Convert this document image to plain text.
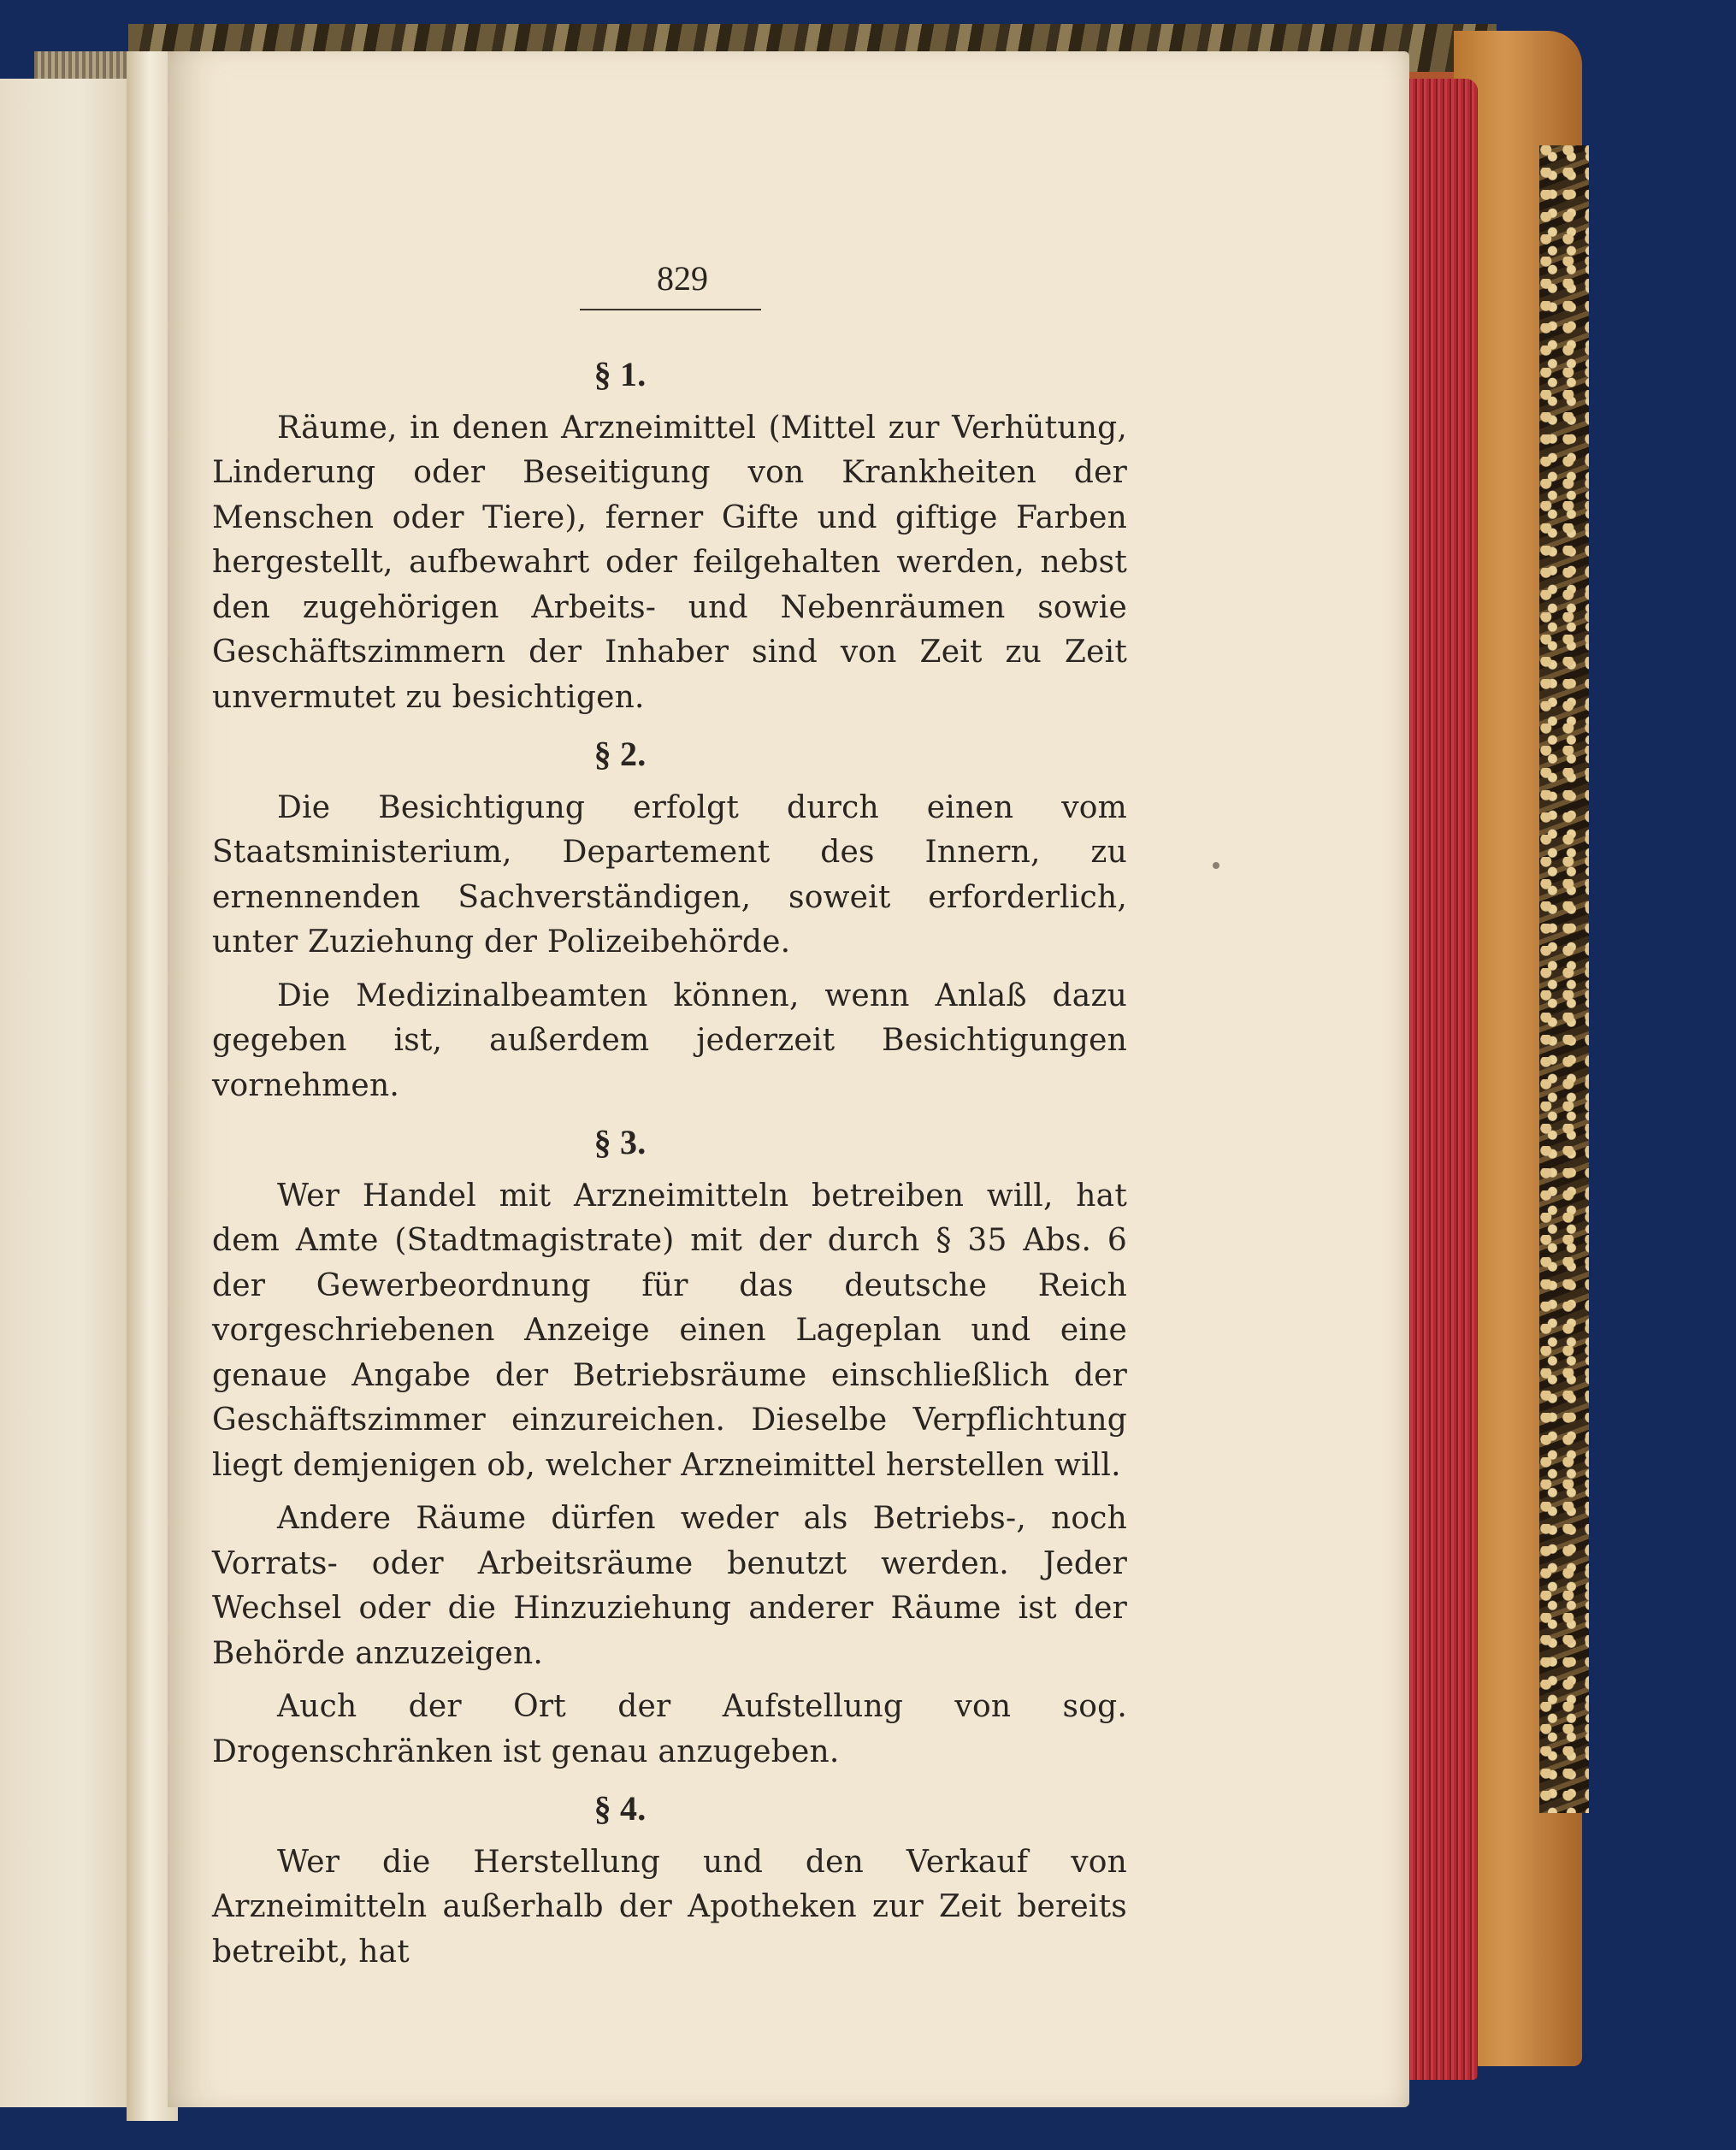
829
§ 1.

Räume, in denen Arzneimittel (Mittel zur Verhütung, Linderung oder Beseitigung von Krankheiten der Menschen oder Tiere), ferner Gifte und giftige Farben hergestellt, aufbewahrt oder feilgehalten werden, nebst den zugehörigen Arbeits- und Nebenräumen sowie Geschäftszimmern der Inhaber sind von Zeit zu Zeit unvermutet zu besichtigen.

§ 2.

Die Besichtigung erfolgt durch einen vom Staatsministerium, Departement des Innern, zu ernennenden Sachverständigen, soweit erforderlich, unter Zuziehung der Polizeibehörde.

Die Medizinalbeamten können, wenn Anlaß dazu gegeben ist, außerdem jederzeit Besichtigungen vornehmen.

§ 3.

Wer Handel mit Arzneimitteln betreiben will, hat dem Amte (Stadtmagistrate) mit der durch § 35 Abs. 6 der Gewerbeordnung für das deutsche Reich vorgeschriebenen Anzeige einen Lageplan und eine genaue Angabe der Betriebsräume einschließlich der Geschäftszimmer einzureichen. Dieselbe Verpflichtung liegt demjenigen ob, welcher Arzneimittel herstellen will.

Andere Räume dürfen weder als Betriebs-, noch Vorrats- oder Arbeitsräume benutzt werden. Jeder Wechsel oder die Hinzuziehung anderer Räume ist der Behörde anzuzeigen.

Auch der Ort der Aufstellung von sog. Drogenschränken ist genau anzugeben.

§ 4.

Wer die Herstellung und den Verkauf von Arzneimitteln außerhalb der Apotheken zur Zeit bereits betreibt, hat
